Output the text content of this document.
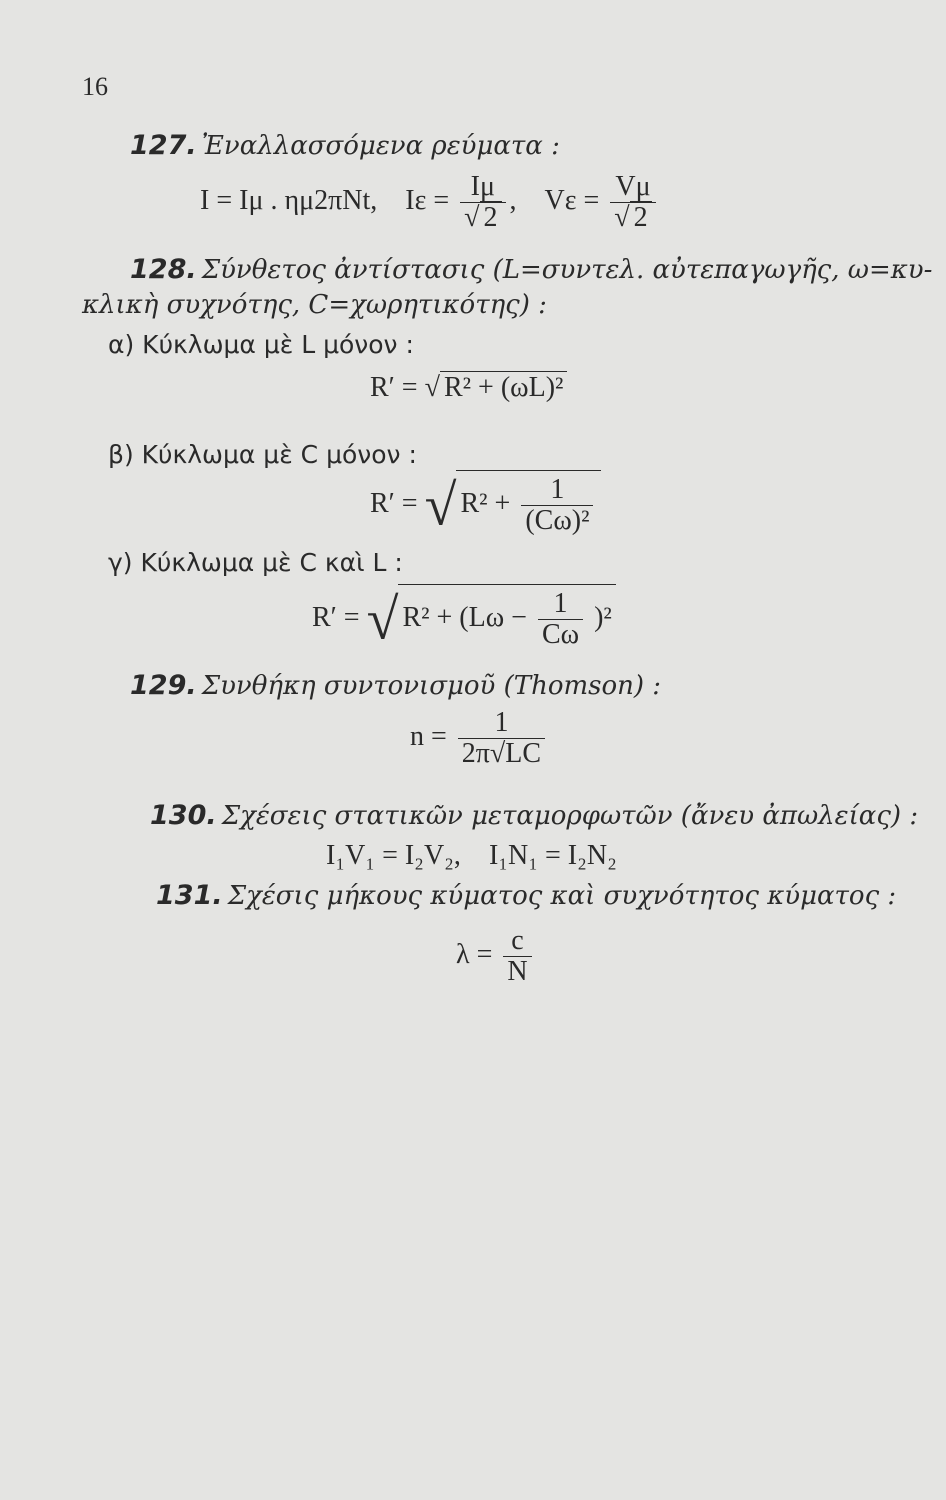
16
127. Ἐναλλασσόμενα ρεύματα :
I = Iμ . ημ2πNt, $I\varepsilon = \frac{I\mu}{√ 2}$ ,    $V\varepsilon = \frac{V\mu}{√ 2}$
128. Σύνθετος ἀντίστασις (L=συντελ. αὐτεπαγωγῆς, ω=κυ-
κλικὴ συχνότης, C=χωρητικότης) :
α) Κύκλωμα μὲ L μόνον :
R′ = √ R² + (ωL)²
β) Κύκλωμα μὲ C μόνον :
R′ = √ $R^2 + \frac{1}{\text{(Cω)²}}$
γ) Κύκλωμα μὲ C καὶ L :
R′ = √ $R^2 + (L\omega - \frac{1}{C\omega} )^2$
129. Συνθήκη συντονισμοῦ (Thomson) :
$n = \frac{1}{2\pi√LC}$
130. Σχέσεις στατικῶν μεταμορφωτῶν (ἄνευ ἀπωλείας) :
I₁V₁ = I₂V₂, I₁N₁ = I₂N₂
131. Σχέσις μήκους κύματος καὶ συχνότητος κύματος :
$\lambda = \frac{c}{N}$
